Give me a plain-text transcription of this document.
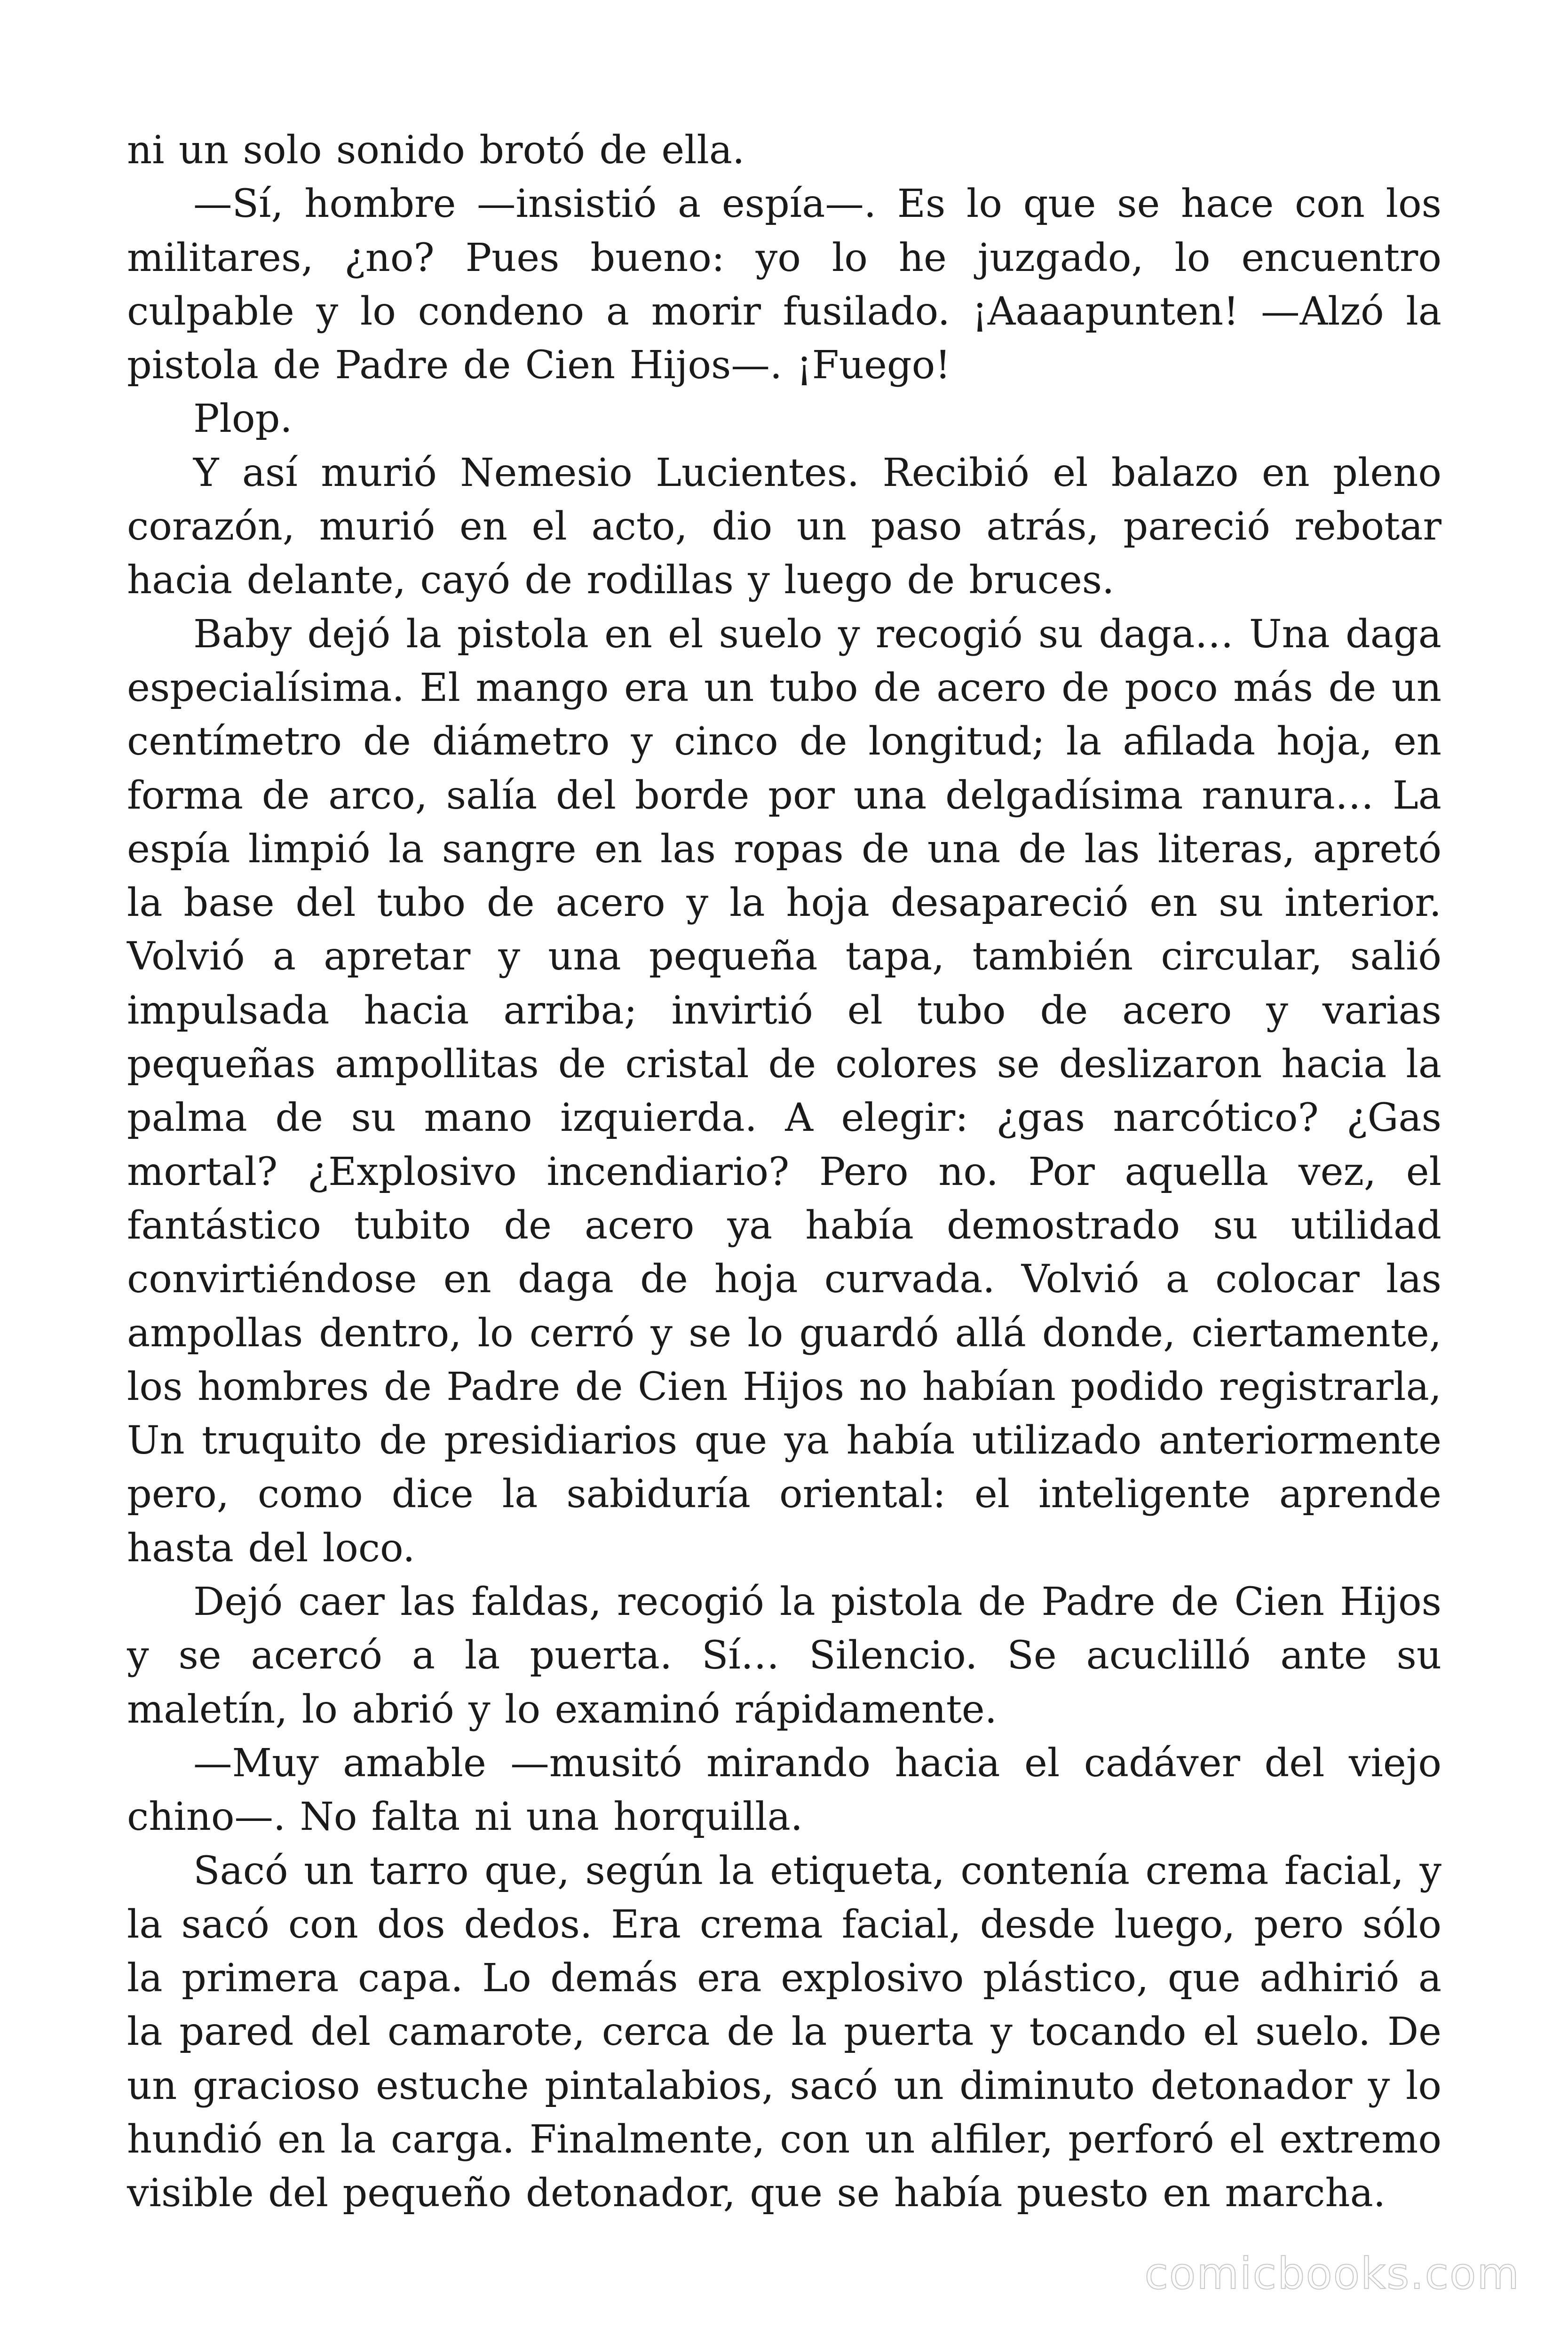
ni un solo sonido brotó de ella.

—Sí, hombre —insistió a espía—. Es lo que se hace con los militares, ¿no? Pues bueno: yo lo he juzgado, lo encuentro culpable y lo condeno a morir fusilado. ¡Aaaapunten! —Alzó la pistola de Padre de Cien Hijos—. ¡Fuego!

Plop.

Y así murió Nemesio Lucientes. Recibió el balazo en pleno corazón, murió en el acto, dio un paso atrás, pareció rebotar hacia delante, cayó de rodillas y luego de bruces.

Baby dejó la pistola en el suelo y recogió su daga… Una daga especialísima. El mango era un tubo de acero de poco más de un centímetro de diámetro y cinco de longitud; la afilada hoja, en forma de arco, salía del borde por una delgadísima ranura… La espía limpió la sangre en las ropas de una de las literas, apretó la base del tubo de acero y la hoja desapareció en su interior. Volvió a apretar y una pequeña tapa, también circular, salió impulsada hacia arriba; invirtió el tubo de acero y varias pequeñas ampollitas de cristal de colores se deslizaron hacia la palma de su mano izquierda. A elegir: ¿gas narcótico? ¿Gas mortal? ¿Explosivo incendiario? Pero no. Por aquella vez, el fantástico tubito de acero ya había demostrado su utilidad convirtiéndose en daga de hoja curvada. Volvió a colocar las ampollas dentro, lo cerró y se lo guardó allá donde, ciertamente, los hombres de Padre de Cien Hijos no habían podido registrarla, Un truquito de presidiarios que ya había utilizado anteriormente pero, como dice la sabiduría oriental: el inteligente aprende hasta del loco.

Dejó caer las faldas, recogió la pistola de Padre de Cien Hijos y se acercó a la puerta. Sí… Silencio. Se acuclilló ante su maletín, lo abrió y lo examinó rápidamente.

—Muy amable —musitó mirando hacia el cadáver del viejo chino—. No falta ni una horquilla.

Sacó un tarro que, según la etiqueta, contenía crema facial, y la sacó con dos dedos. Era crema facial, desde luego, pero sólo la primera capa. Lo demás era explosivo plástico, que adhirió a la pared del camarote, cerca de la puerta y tocando el suelo. De un gracioso estuche pintalabios, sacó un diminuto detonador y lo hundió en la carga. Finalmente, con un alfiler, perforó el extremo visible del pequeño detonador, que se había puesto en marcha.

comicbooks.com
